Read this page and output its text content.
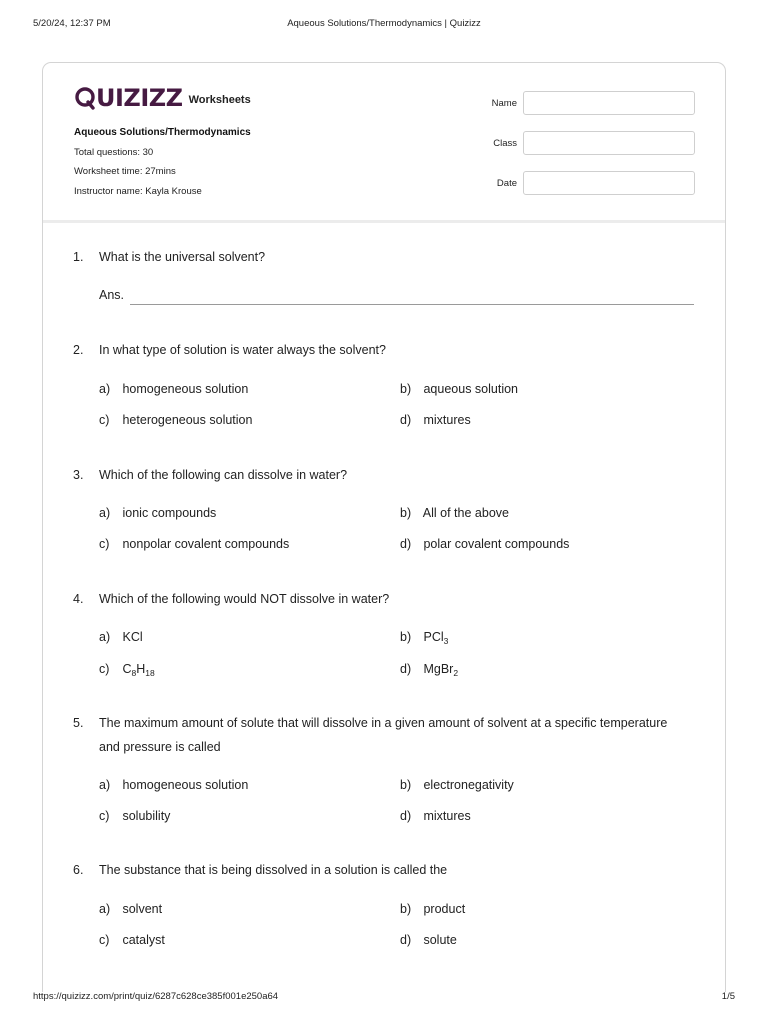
5/20/24, 12:37 PM	Aqueous Solutions/Thermodynamics | Quizizz
UIZIZZ Worksheets
Aqueous Solutions/Thermodynamics
Total questions: 30
Worksheet time: 27mins
Instructor name: Kayla Krouse
Name
Class
Date
1. What is the universal solvent?
Ans.
2. In what type of solution is water always the solvent?
a) homogeneous solution	b) aqueous solution
c) heterogeneous solution	d) mixtures
3. Which of the following can dissolve in water?
a) ionic compounds	b) All of the above
c) nonpolar covalent compounds	d) polar covalent compounds
4. Which of the following would NOT dissolve in water?
a) KCl	b) PCl$_3$
c) $C_8H_{18}$	d) MgBr$_2$
5. The maximum amount of solute that will dissolve in a given amount of solvent at a specific temperature
and pressure is called
a) homogeneous solution	b) electronegativity
c) solubility	d) mixtures
6. The substance that is being dissolved in a solution is called the
a) solvent	b) product
c) catalyst	d) solute
https://quizizz.com/print/quiz/6287c628ce385f001e250a64	1/5
